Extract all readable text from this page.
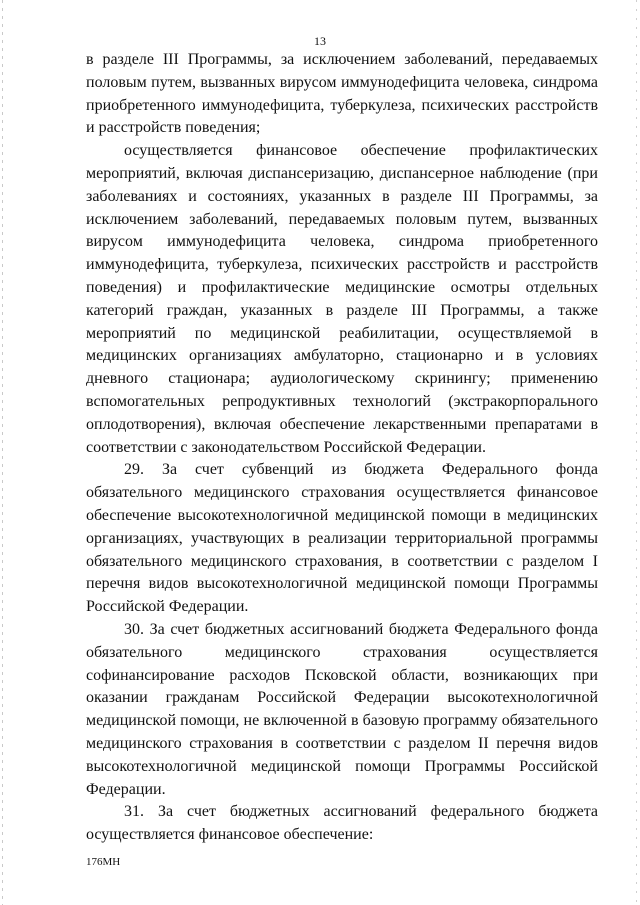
13

в разделе III Программы, за исключением заболеваний, передаваемых половым путем, вызванных вирусом иммунодефицита человека, синдрома приобретенного иммунодефицита, туберкулеза, психических расстройств и расстройств поведения;

осуществляется финансовое обеспечение профилактических мероприятий, включая диспансеризацию, диспансерное наблюдение (при заболеваниях и состояниях, указанных в разделе III Программы, за исключением заболеваний, передаваемых половым путем, вызванных вирусом иммунодефицита человека, синдрома приобретенного иммунодефицита, туберкулеза, психических расстройств и расстройств поведения) и профилактические медицинские осмотры отдельных категорий граждан, указанных в разделе III Программы, а также мероприятий по медицинской реабилитации, осуществляемой в медицинских организациях амбулаторно, стационарно и в условиях дневного стационара; аудиологическому скринингу; применению вспомогательных репродуктивных технологий (экстракорпорального оплодотворения), включая обеспечение лекарственными препаратами в соответствии с законодательством Российской Федерации.

29. За счет субвенций из бюджета Федерального фонда обязательного медицинского страхования осуществляется финансовое обеспечение высокотехнологичной медицинской помощи в медицинских организациях, участвующих в реализации территориальной программы обязательного медицинского страхования, в соответствии с разделом I перечня видов высокотехнологичной медицинской помощи Программы Российской Федерации.

30. За счет бюджетных ассигнований бюджета Федерального фонда обязательного медицинского страхования осуществляется софинансирование расходов Псковской области, возникающих при оказании гражданам Российской Федерации высокотехнологичной медицинской помощи, не включенной в базовую программу обязательного медицинского страхования в соответствии с разделом II перечня видов высокотехнологичной медицинской помощи Программы Российской Федерации.

31. За счет бюджетных ассигнований федерального бюджета осуществляется финансовое обеспечение:

176МН
